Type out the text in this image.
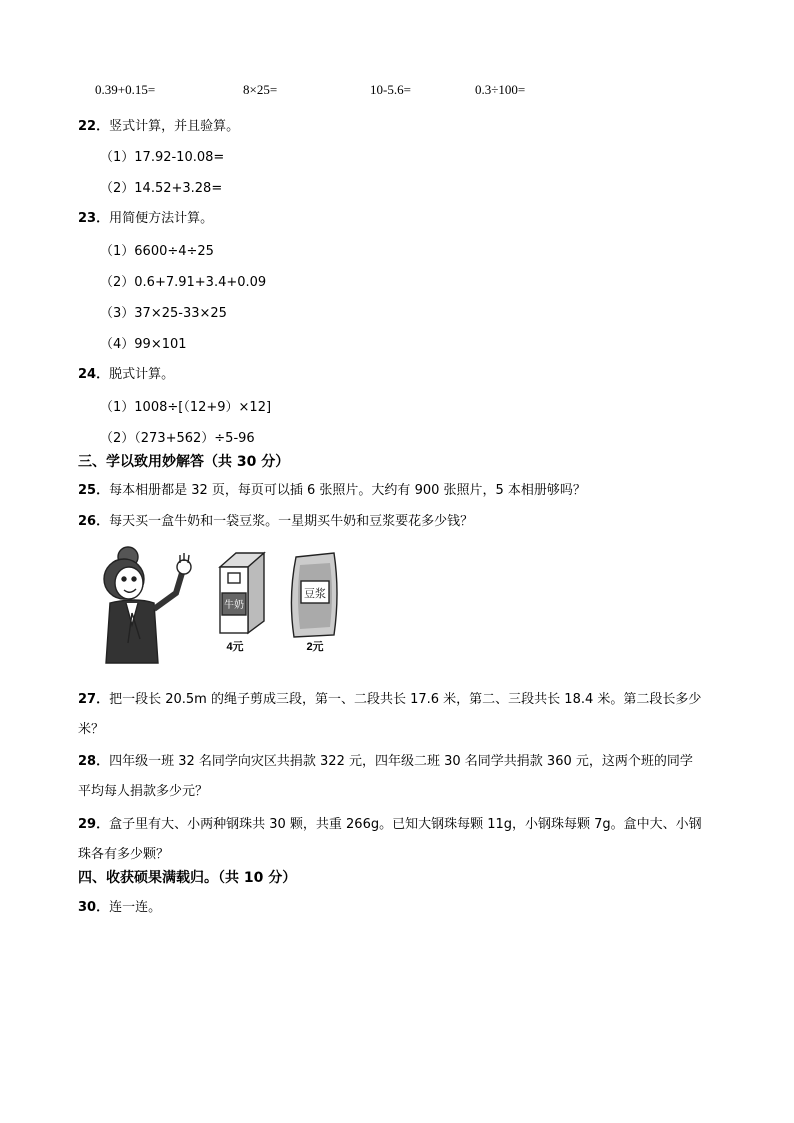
0.39+0.15=	8×25=	10-5.6=	0.3÷100=
22．竖式计算，并且验算。
（1）17.92-10.08=
（2）14.52+3.28=
23．用简便方法计算。
（1）6600÷4÷25
（2）0.6+7.91+3.4+0.09
（3）37×25-33×25
（4）99×101
24．脱式计算。
（1）1008÷[（12+9）×12]
（2）（273+562）÷5-96
三、学以致用妙解答（共 30 分）
25．每本相册都是 32 页，每页可以插 6 张照片。大约有 900 张照片，5 本相册够吗？
26．每天买一盒牛奶和一袋豆浆。一星期买牛奶和豆浆要花多少钱？
牛奶
4元
豆浆
2元
27．把一段长 20.5m 的绳子剪成三段，第一、二段共长 17.6 米，第二、三段共长 18.4 米。第二段长多少
米？
28．四年级一班 32 名同学向灾区共捐款 322 元，四年级二班 30 名同学共捐款 360 元，这两个班的同学
平均每人捐款多少元？
29．盒子里有大、小两种钢珠共 30 颗，共重 266g。已知大钢珠每颗 11g，小钢珠每颗 7g。盒中大、小钢
珠各有多少颗？
四、收获硕果满载归。（共 10 分）
30．连一连。
